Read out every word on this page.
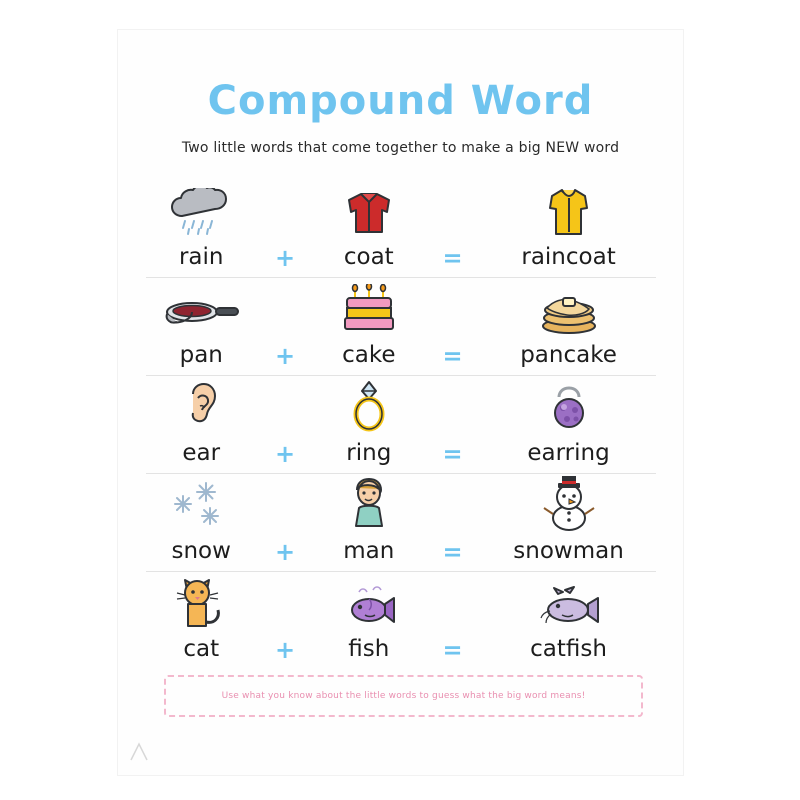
Compound Word
Two little words that come together to make a big NEW word
rain	+	coat	=	raincoat
pan	+	cake	=	pancake
ear	+	ring	=	earring
snow	+	man	=	snowman
cat	+	fish	=	catfish
Use what you know about the little words to guess what the big word means!
